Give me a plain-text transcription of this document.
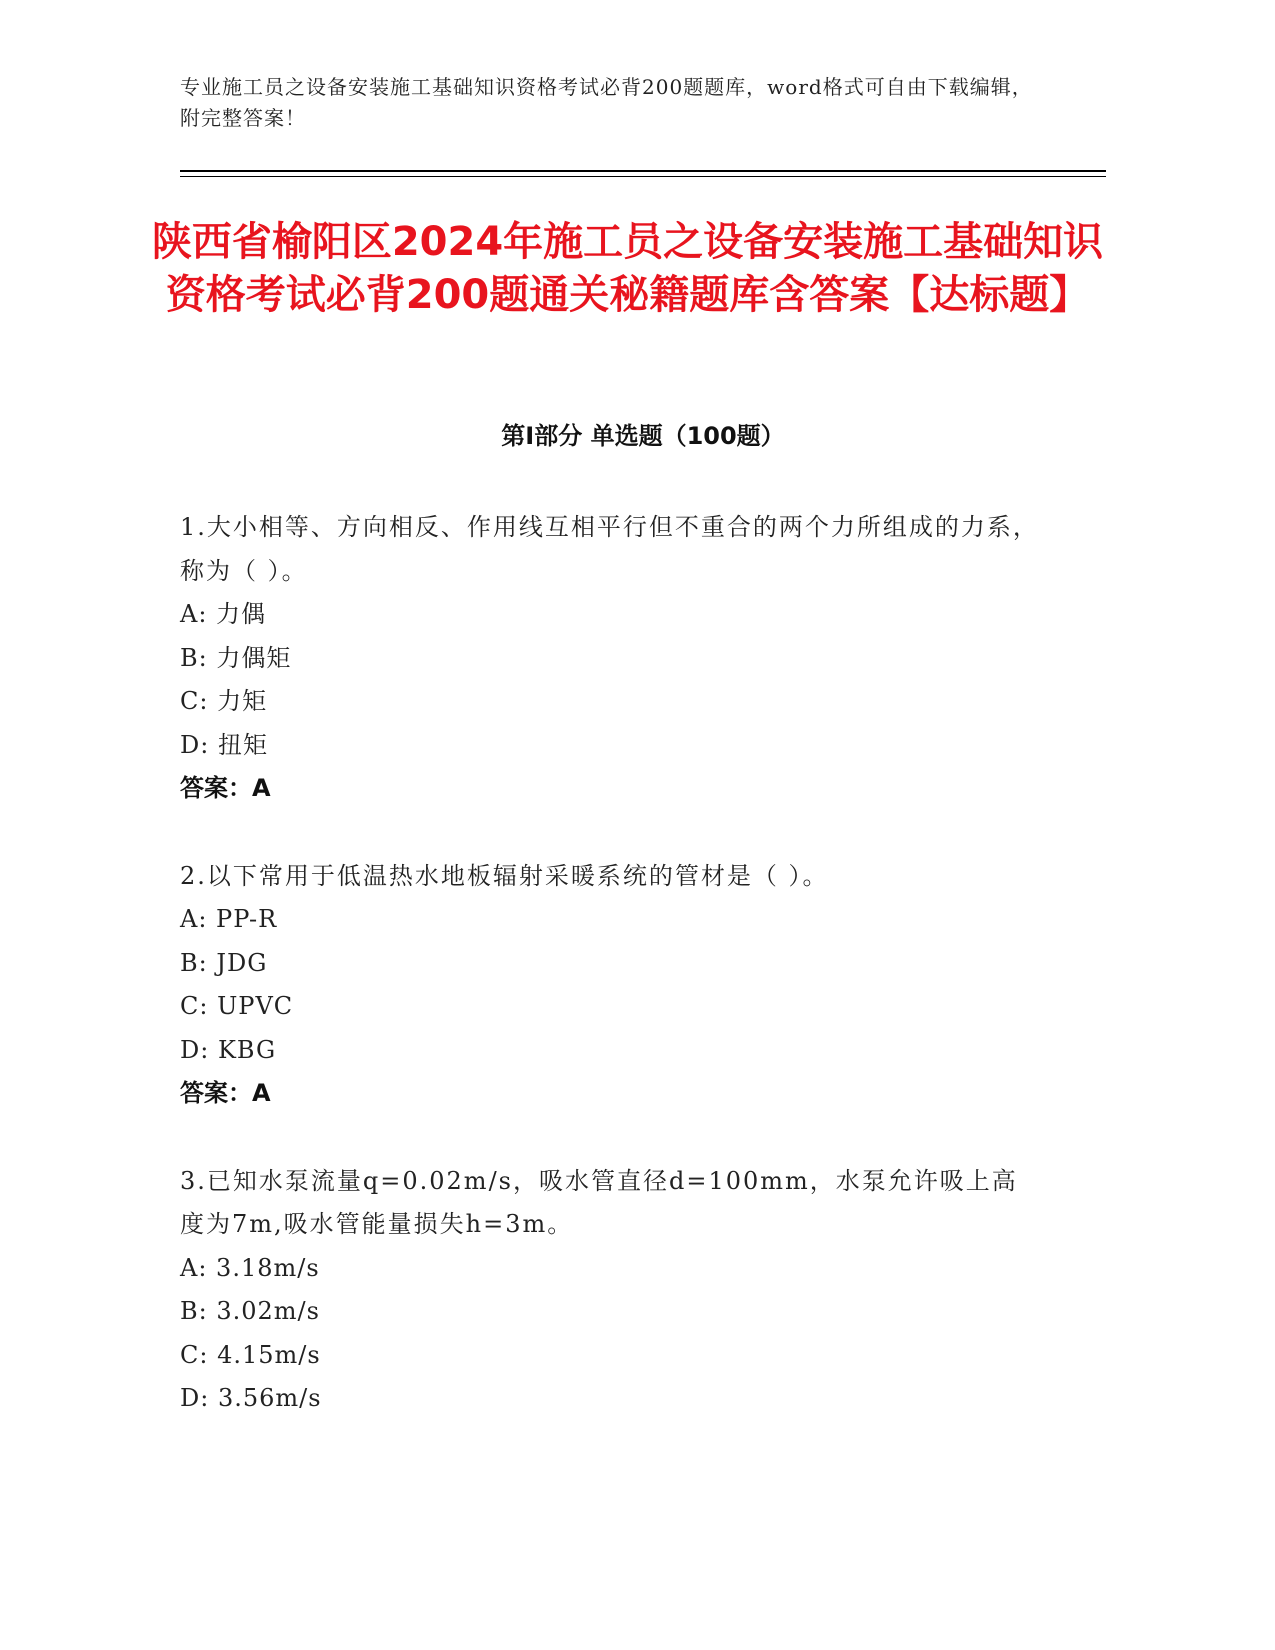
专业施工员之设备安装施工基础知识资格考试必背200题题库，word格式可自由下载编辑，附完整答案！
陕西省榆阳区2024年施工员之设备安装施工基础知识资格考试必背200题通关秘籍题库含答案【达标题】
第I部分 单选题（100题）
1.大小相等、方向相反、作用线互相平行但不重合的两个力所组成的力系，称为（ ）。
A: 力偶
B: 力偶矩
C: 力矩
D: 扭矩
答案：A
2.以下常用于低温热水地板辐射采暖系统的管材是（ ）。
A: PP-R
B: JDG
C: UPVC
D: KBG
答案：A
3.已知水泵流量q=0.02m/s，吸水管直径d=100mm，水泵允许吸上高度为7m,吸水管能量损失h=3m。
A: 3.18m/s
B: 3.02m/s
C: 4.15m/s
D: 3.56m/s
